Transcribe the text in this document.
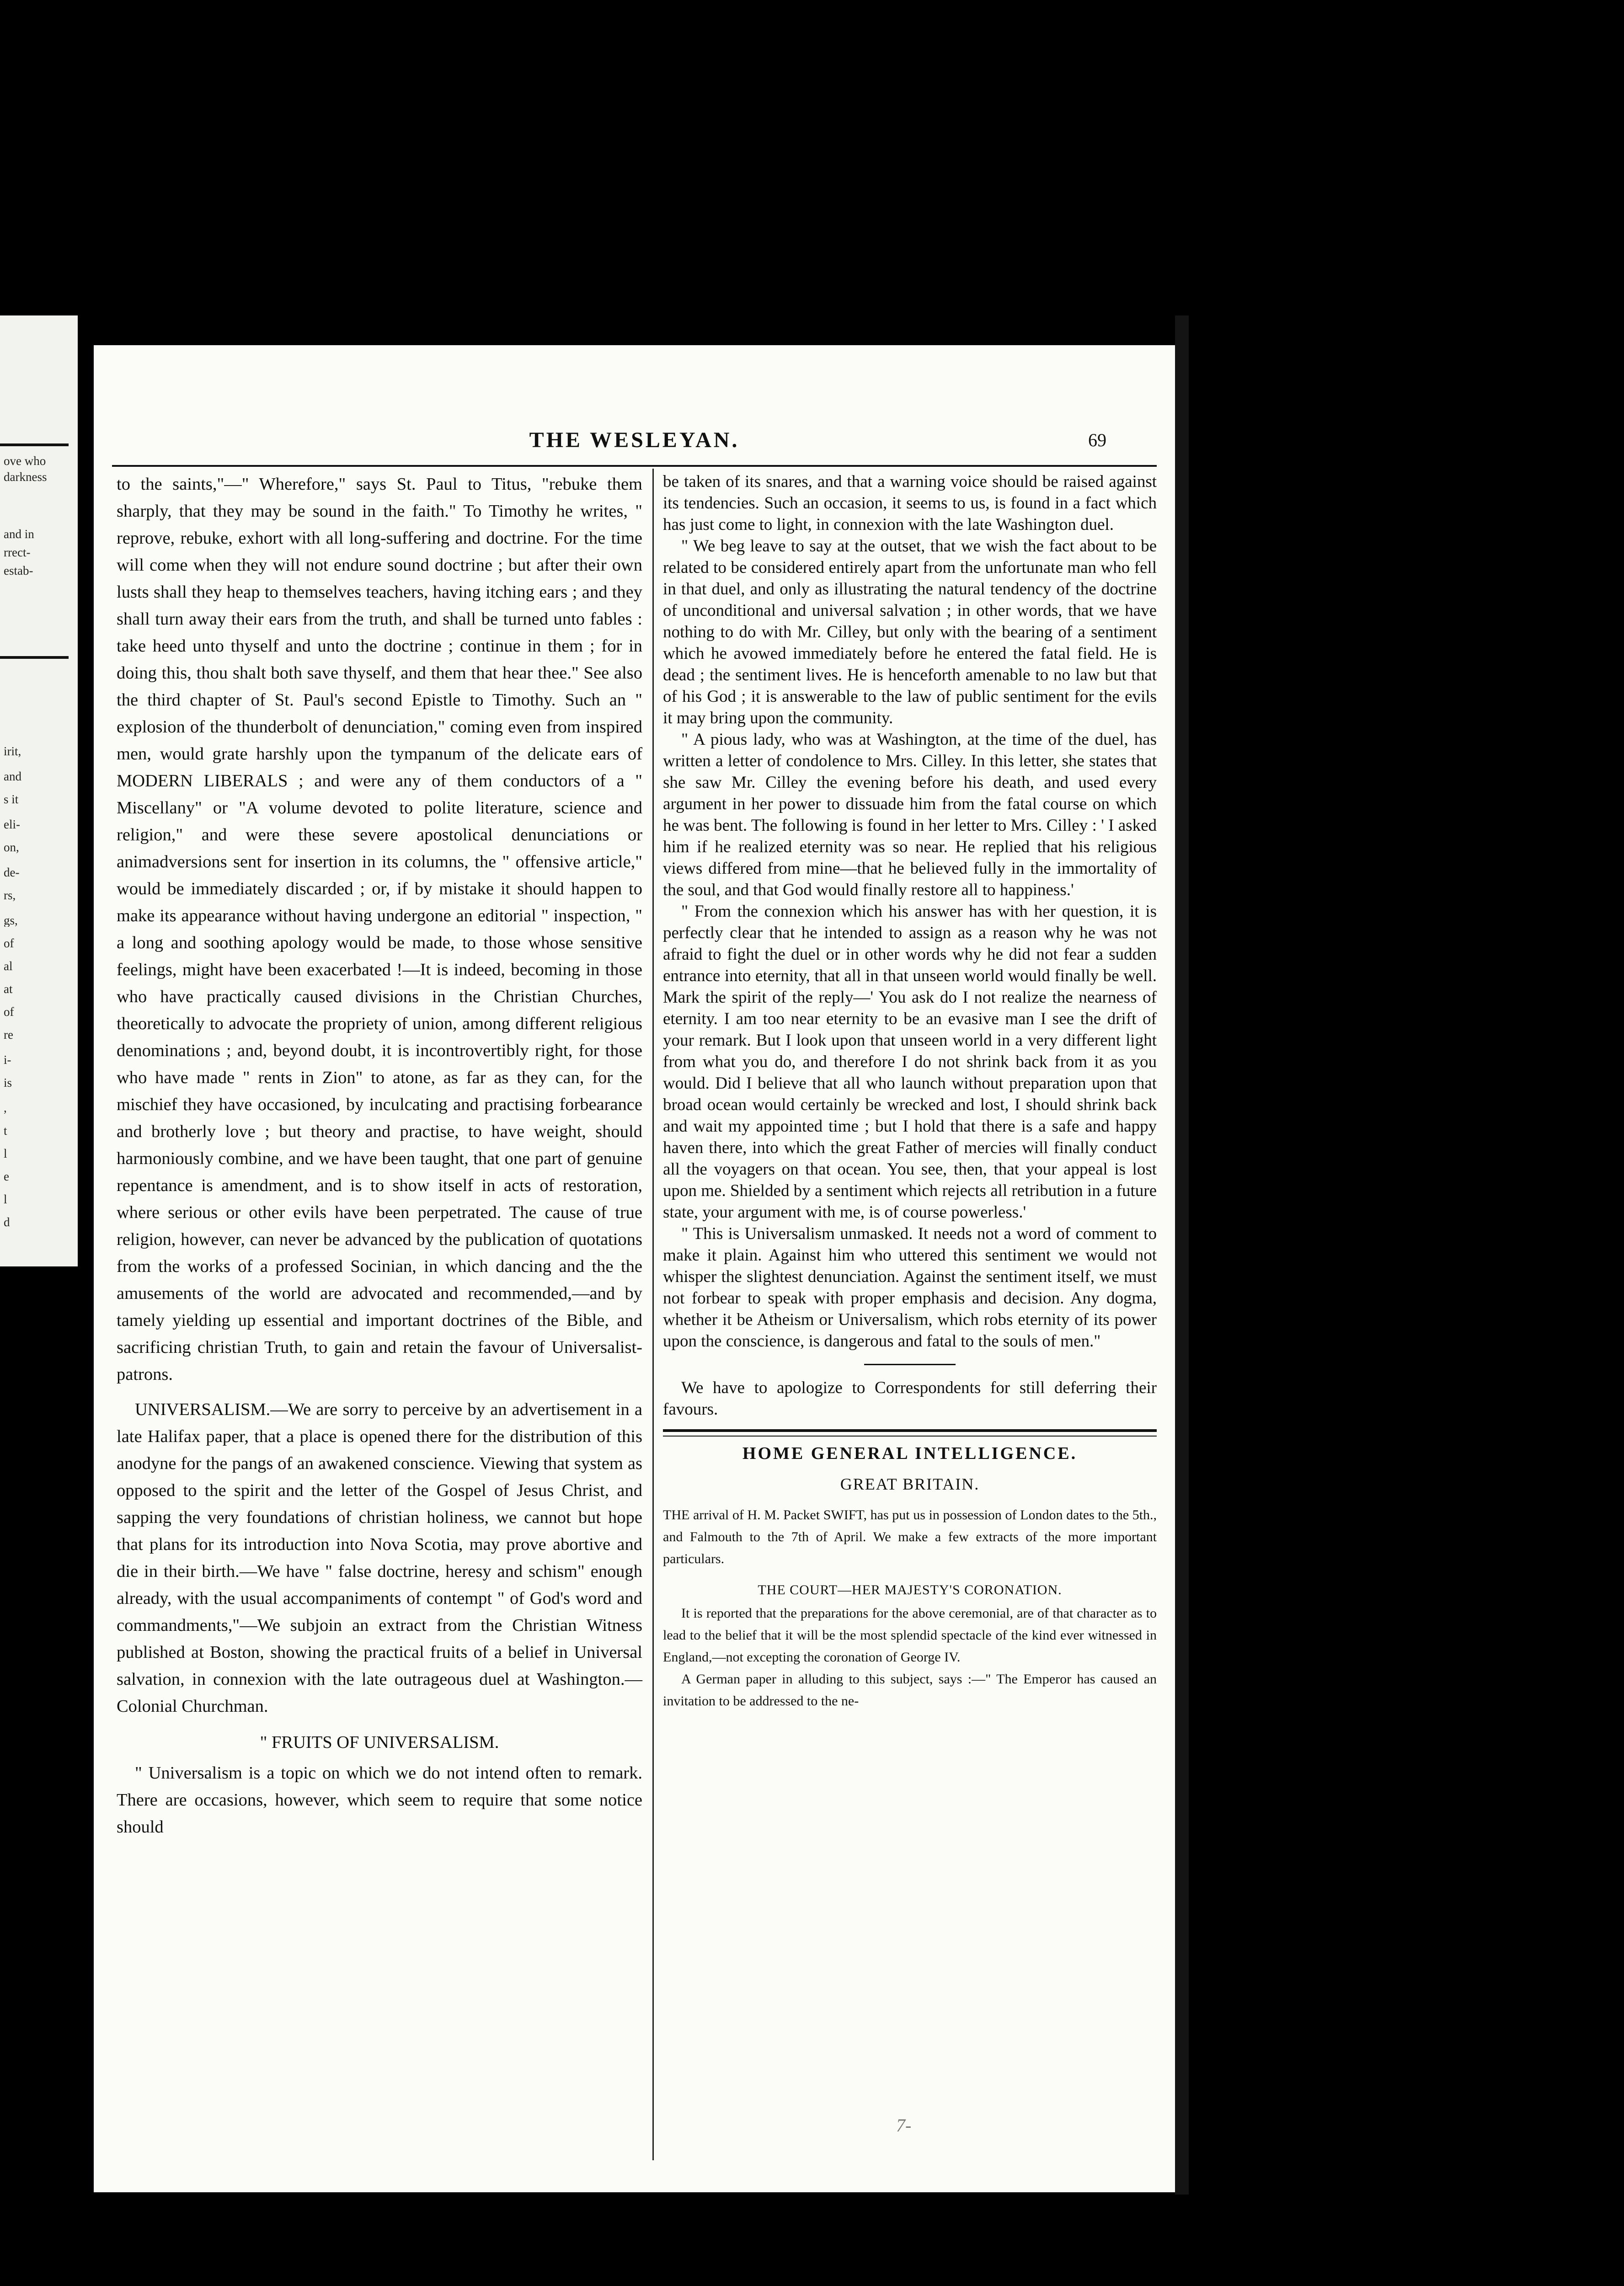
ove who
darkness
and in
rrect-
estab-
irit,
and
s it
eli-
on,
de-
rs,
gs,
of
al
at
of
re
i-
is
,
t
l
e
l
d
THE WESLEYAN.	69

to the saints,"—" Wherefore," says St. Paul to Titus, "rebuke them sharply, that they may be sound in the faith." To Timothy he writes, " reprove, rebuke, exhort with all long-suffering and doctrine. For the time will come when they will not endure sound doctrine ; but after their own lusts shall they heap to themselves teachers, having itching ears ; and they shall turn away their ears from the truth, and shall be turned unto fables : take heed unto thyself and unto the doctrine ; continue in them ; for in doing this, thou shalt both save thyself, and them that hear thee." See also the third chapter of St. Paul's second Epistle to Timothy. Such an " explosion of the thunderbolt of denunciation," coming even from inspired men, would grate harshly upon the tympanum of the delicate ears of MODERN LIBERALS ; and were any of them conductors of a " Miscellany" or "A volume devoted to polite literature, science and religion," and were these severe apostolical denunciations or animadversions sent for insertion in its columns, the " offensive article," would be immediately discarded ; or, if by mistake it should happen to make its appearance without having undergone an editorial " inspection, " a long and soothing apology would be made, to those whose sensitive feelings, might have been exacerbated !—It is indeed, becoming in those who have practically caused divisions in the Christian Churches, theoretically to advocate the propriety of union, among different religious denominations ; and, beyond doubt, it is incontrovertibly right, for those who have made " rents in Zion" to atone, as far as they can, for the mischief they have occasioned, by inculcating and practising forbearance and brotherly love ; but theory and practise, to have weight, should harmoniously combine, and we have been taught, that one part of genuine repentance is amendment, and is to show itself in acts of restoration, where serious or other evils have been perpetrated. The cause of true religion, however, can never be advanced by the publication of quotations from the works of a professed Socinian, in which dancing and the the amusements of the world are advocated and recommended,—and by tamely yielding up essential and important doctrines of the Bible, and sacrificing christian Truth, to gain and retain the favour of Universalist-patrons.

UNIVERSALISM.—We are sorry to perceive by an advertisement in a late Halifax paper, that a place is opened there for the distribution of this anodyne for the pangs of an awakened conscience. Viewing that system as opposed to the spirit and the letter of the Gospel of Jesus Christ, and sapping the very foundations of christian holiness, we cannot but hope that plans for its introduction into Nova Scotia, may prove abortive and die in their birth.—We have " false doctrine, heresy and schism" enough already, with the usual accompaniments of contempt " of God's word and commandments,"—We subjoin an extract from the Christian Witness published at Boston, showing the practical fruits of a belief in Universal salvation, in connexion with the late outrageous duel at Washington.—Colonial Churchman.

" FRUITS OF UNIVERSALISM.

" Universalism is a topic on which we do not intend often to remark. There are occasions, however, which seem to require that some notice should

be taken of its snares, and that a warning voice should be raised against its tendencies. Such an occasion, it seems to us, is found in a fact which has just come to light, in connexion with the late Washington duel.

" We beg leave to say at the outset, that we wish the fact about to be related to be considered entirely apart from the unfortunate man who fell in that duel, and only as illustrating the natural tendency of the doctrine of unconditional and universal salvation ; in other words, that we have nothing to do with Mr. Cilley, but only with the bearing of a sentiment which he avowed immediately before he entered the fatal field. He is dead ; the sentiment lives. He is henceforth amenable to no law but that of his God ; it is answerable to the law of public sentiment for the evils it may bring upon the community.

" A pious lady, who was at Washington, at the time of the duel, has written a letter of condolence to Mrs. Cilley. In this letter, she states that she saw Mr. Cilley the evening before his death, and used every argument in her power to dissuade him from the fatal course on which he was bent. The following is found in her letter to Mrs. Cilley : ' I asked him if he realized eternity was so near. He replied that his religious views differed from mine—that he believed fully in the immortality of the soul, and that God would finally restore all to happiness.'

" From the connexion which his answer has with her question, it is perfectly clear that he intended to assign as a reason why he was not afraid to fight the duel or in other words why he did not fear a sudden entrance into eternity, that all in that unseen world would finally be well. Mark the spirit of the reply—' You ask do I not realize the nearness of eternity. I am too near eternity to be an evasive man I see the drift of your remark. But I look upon that unseen world in a very different light from what you do, and therefore I do not shrink back from it as you would. Did I believe that all who launch without preparation upon that broad ocean would certainly be wrecked and lost, I should shrink back and wait my appointed time ; but I hold that there is a safe and happy haven there, into which the great Father of mercies will finally conduct all the voyagers on that ocean. You see, then, that your appeal is lost upon me. Shielded by a sentiment which rejects all retribution in a future state, your argument with me, is of course powerless.'

" This is Universalism unmasked. It needs not a word of comment to make it plain. Against him who uttered this sentiment we would not whisper the slightest denunciation. Against the sentiment itself, we must not forbear to speak with proper emphasis and decision. Any dogma, whether it be Atheism or Universalism, which robs eternity of its power upon the conscience, is dangerous and fatal to the souls of men."

We have to apologize to Correspondents for still deferring their favours.

HOME GENERAL INTELLIGENCE.
GREAT BRITAIN.

THE arrival of H. M. Packet SWIFT, has put us in possession of London dates to the 5th., and Falmouth to the 7th of April. We make a few extracts of the more important particulars.

THE COURT—HER MAJESTY'S CORONATION.

It is reported that the preparations for the above ceremonial, are of that character as to lead to the belief that it will be the most splendid spectacle of the kind ever witnessed in England,—not excepting the coronation of George IV.

A German paper in alluding to this subject, says :—" The Emperor has caused an invitation to be addressed to the ne-

7-
